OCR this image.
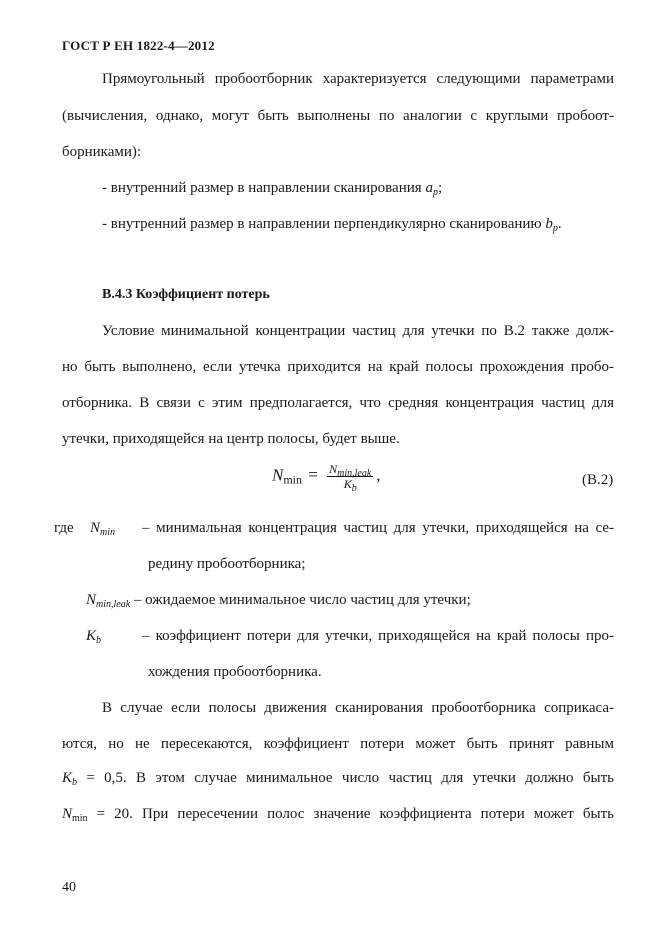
ГОСТ Р ЕН 1822-4—2012
Прямоугольный пробоотборник характеризуется следующими параметрами
(вычисления, однако, могут быть выполнены по аналогии с круглыми пробоот-
борниками):
- внутренний размер в направлении сканирования $a_p$;
- внутренний размер в направлении перпендикулярно сканированию $b_p$.
В.4.3 Коэффициент потерь
Условие минимальной концентрации частиц для утечки по В.2 также долж-
но быть выполнено, если утечка приходится на край полосы прохождения пробо-
отборника. В связи с этим предполагается, что средняя концентрация частиц для
утечки, приходящейся на центр полосы, будет выше.
$N_{min} = \frac{N_{min,leak}}{K_b}$ ,	(В.2)
где $N_{min}$ – минимальная концентрация частиц для утечки, приходящейся на се-
редину пробоотборника;
$N_{min,leak}$ – ожидаемое минимальное число частиц для утечки;
$K_b$	– коэффициент потери для утечки, приходящейся на край полосы про-
хождения пробоотборника.
В случае если полосы движения сканирования пробоотборника соприкаса-
ются, но не пересекаются, коэффициент потери может быть принят равным
$K_b = 0,5$. В этом случае минимальное число частиц для утечки должно быть
$N_{min} = 20$. При пересечении полос значение коэффициента потери может быть
40
